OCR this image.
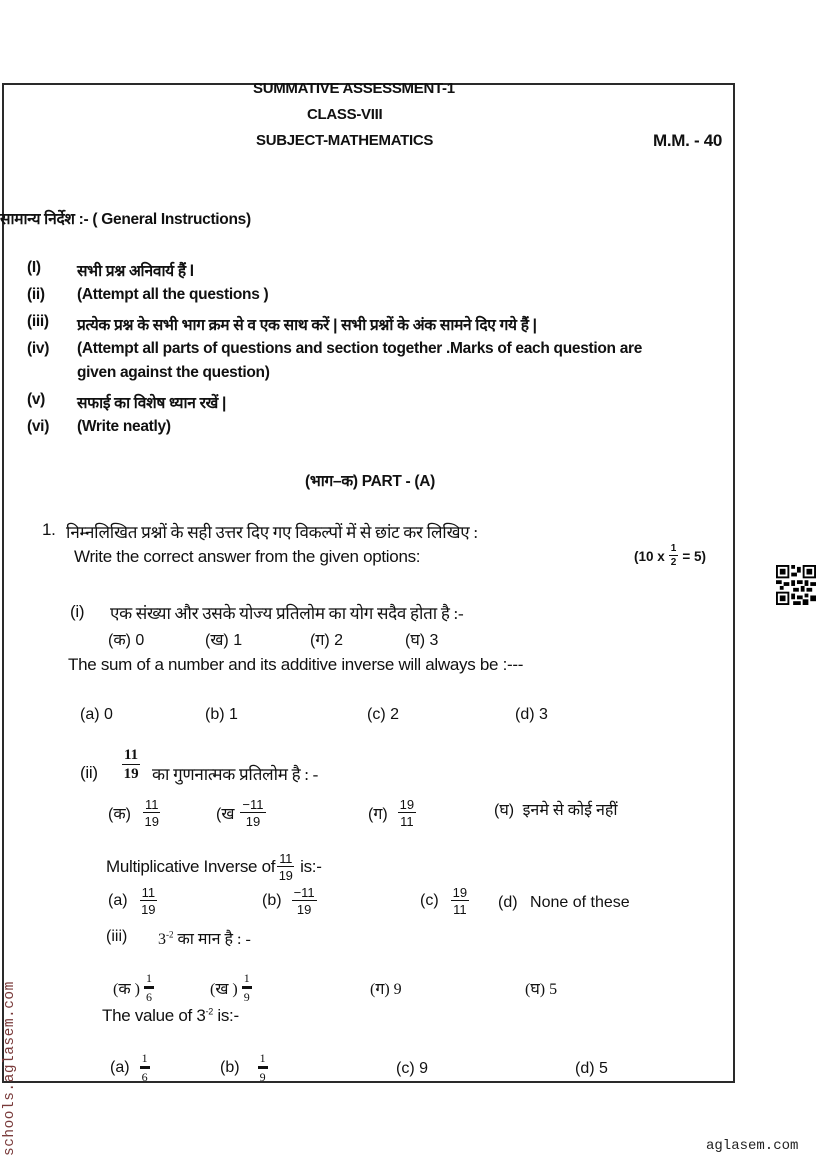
SUMMATIVE ASSESSMENT-1
CLASS-VIII
SUBJECT-MATHEMATICS	M.M. - 40
सामान्य निर्देश :- ( General Instructions)
(I) सभी प्रश्न अनिवार्य हैं l
(ii) (Attempt all the questions )
(iii) प्रत्येक प्रश्न के सभी भाग क्रम से व एक साथ करें | सभी प्रश्नों के अंक सामने दिए गये हैं |
(iv) (Attempt all parts of questions and section together .Marks of each question are
given against the question)
(v) सफाई का विशेष ध्यान रखें |
(vi) (Write neatly)
(भाग–क) PART - (A)
1. निम्नलिखित प्रश्नों के सही उत्तर दिए गए विकल्पों में से छांट कर लिखिए :
Write the correct answer from the given options:	(10 x $\frac{1}{2} = 5$)
(i) एक संख्या और उसके योज्य प्रतिलोम का योग सदैव होता है :-
(क) 0	(ख) 1	(ग) 2	(घ) 3
The sum of a number and its additive inverse will always be :---
(a) 0	(b) 1	(c) 2	(d) 3
$(ii) \frac{11}{19}$ का गुणनात्मक प्रतिलोम है : -
(क) $\frac{11}{19}$	(ख $\frac{-11}{19}$	(ग) $\frac{19}{11}$	(घ) इनमे से कोई नहीं
Multiplicative Inverse of $\frac{11}{19}$ is:-
$(a) \frac{11}{19}$	$(b) \frac{-11}{19}$	$(c) \frac{19}{11} (d)$ None of these
(iii) $3^{-2}$ का मान है : -
(क ) $\frac{1}{6}$	(ख ) $\frac{1}{9}$	(ग) 9	(घ) 5
The value of $3^{-2}$ is:-
$(a) \frac{1}{6}$	$(b) \frac{1}{9}$	(c) 9	(d) 5
schools.aglasem.com	aglasem.com
